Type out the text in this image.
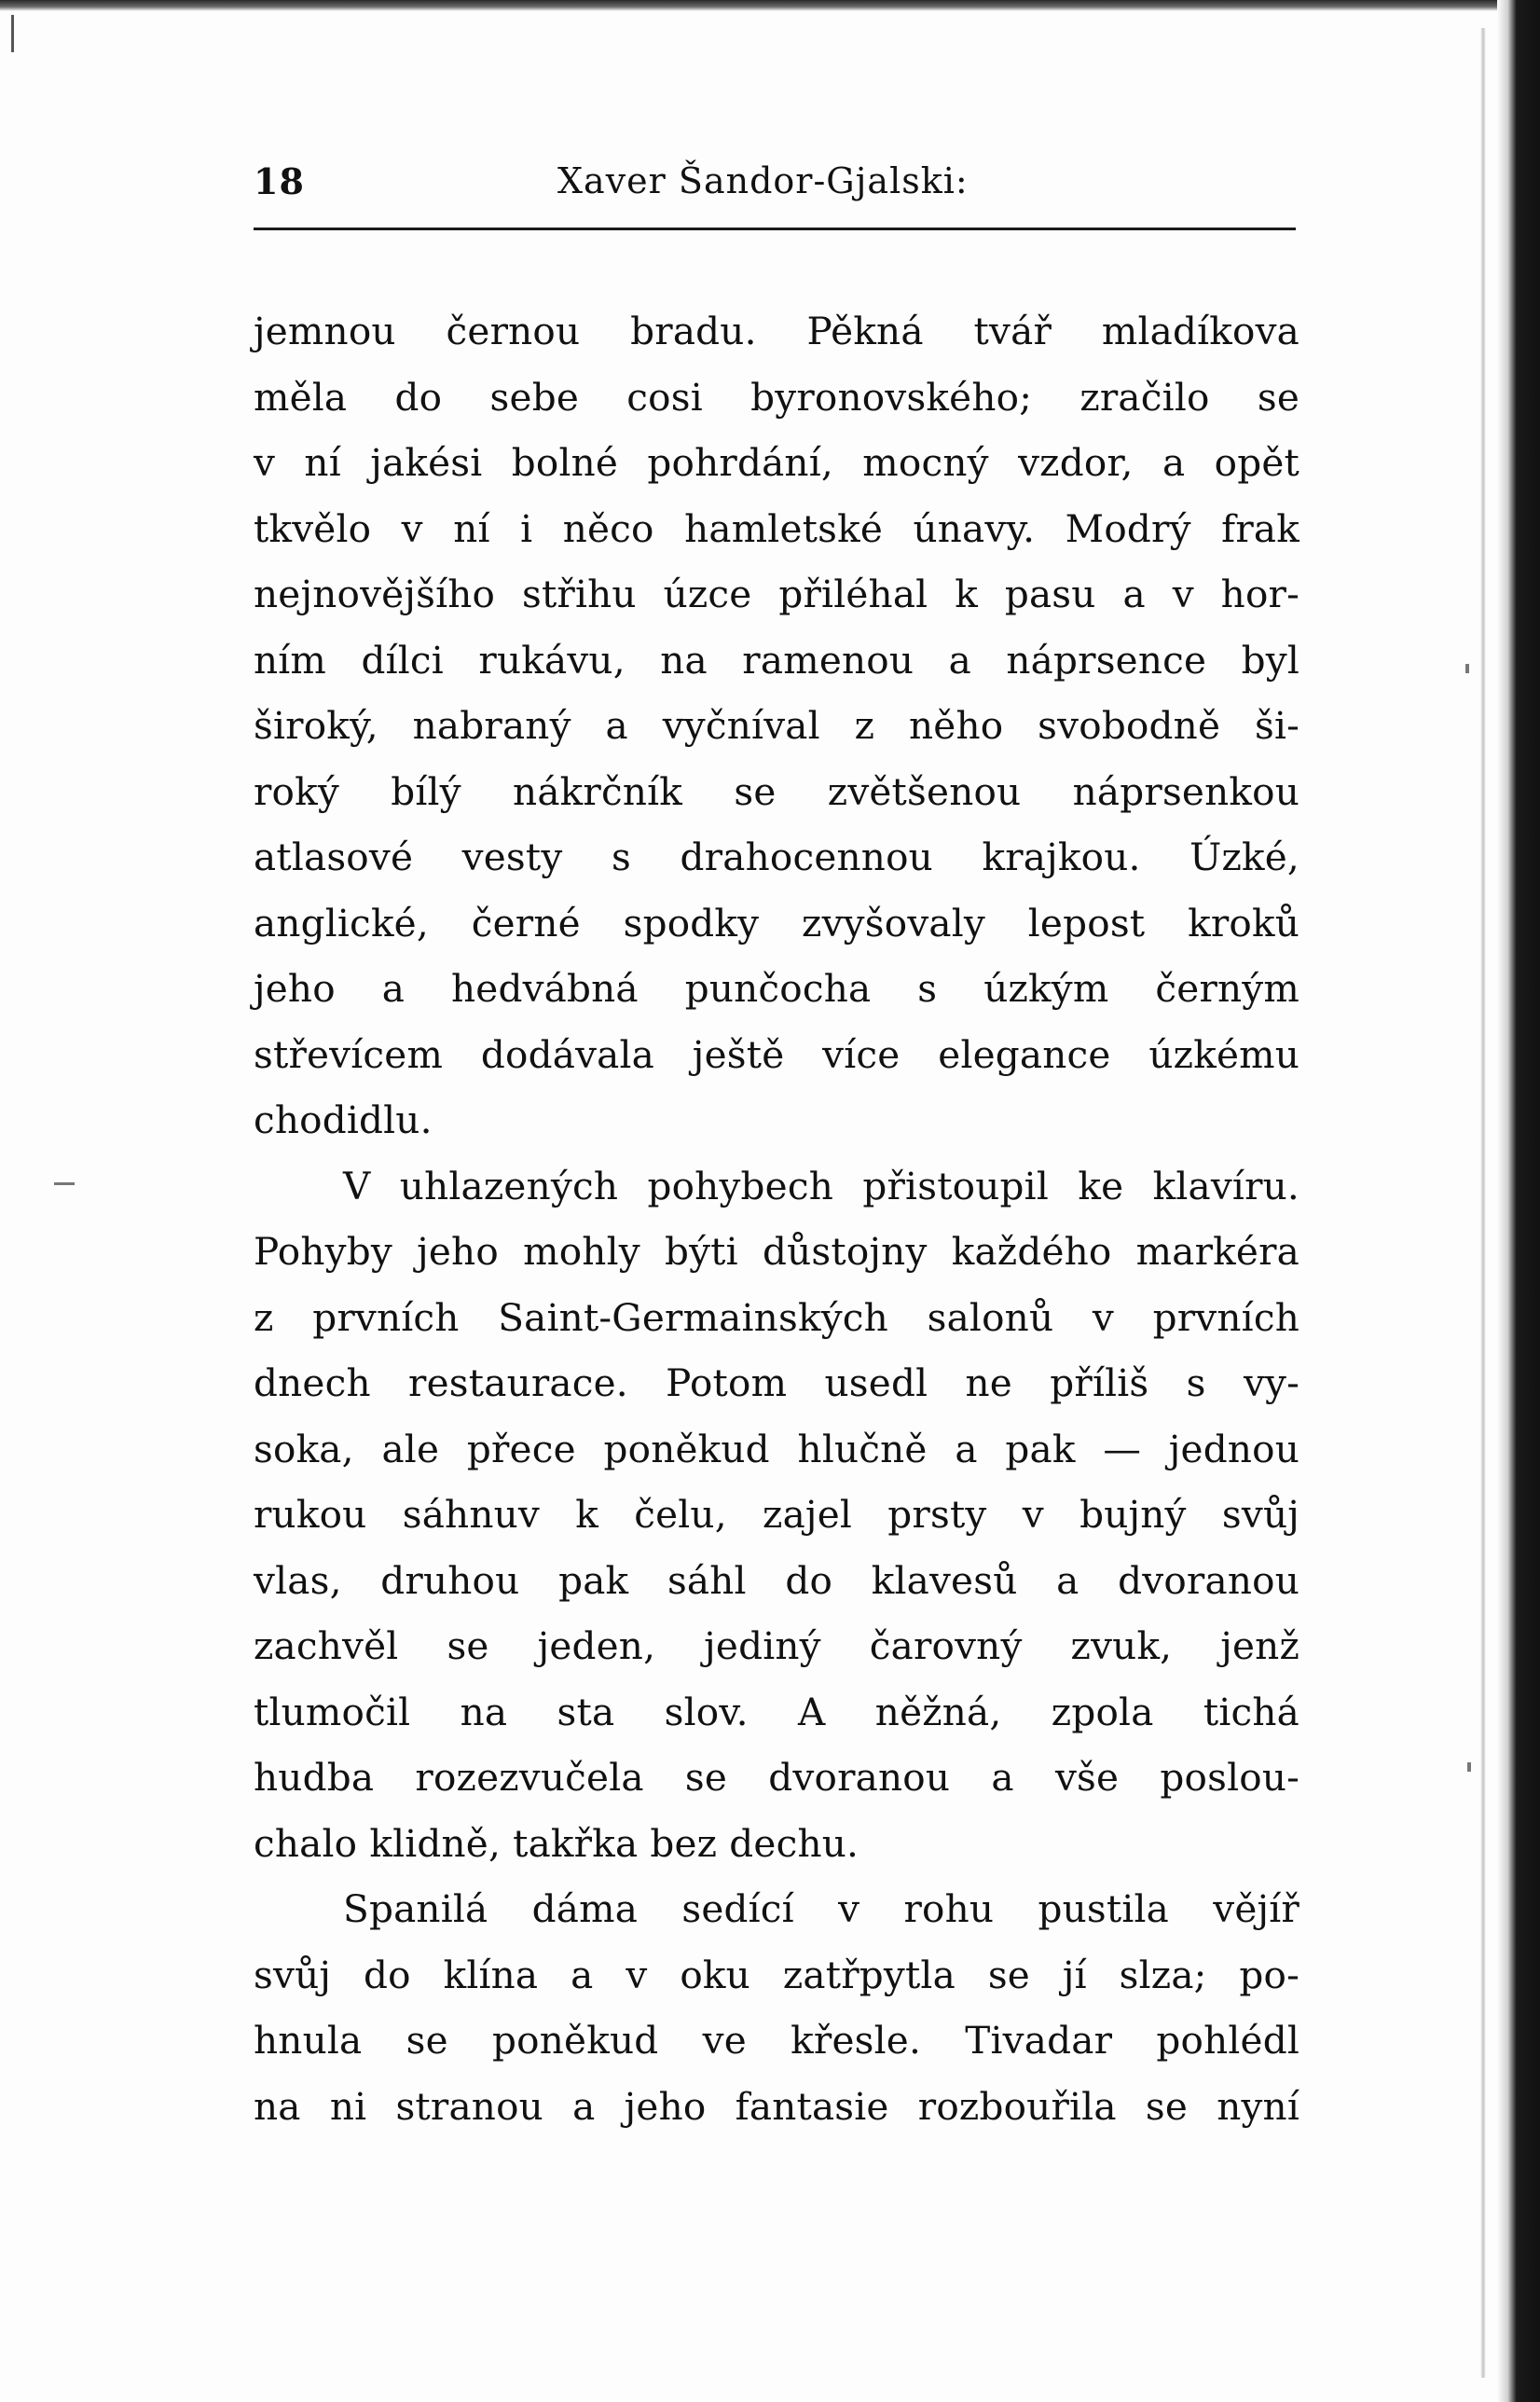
18	Xaver Šandor-Gjalski:
jemnou černou bradu. Pěkná tvář mladíkova
měla do sebe cosi byronovského; zračilo se
v ní jakési bolné pohrdání, mocný vzdor, a opět
tkvělo v ní i něco hamletské únavy. Modrý frak
nejnovějšího střihu úzce přiléhal k pasu a v hor-
ním dílci rukávu, na ramenou a náprsence byl
široký, nabraný a vyčníval z něho svobodně ši-
roký bílý nákrčník se zvětšenou náprsenkou
atlasové vesty s drahocennou krajkou. Úzké,
anglické, černé spodky zvyšovaly lepost kroků
jeho a hedvábná punčocha s úzkým černým
střevícem dodávala ještě více elegance úzkému
chodidlu.
V uhlazených pohybech přistoupil ke klavíru.
Pohyby jeho mohly býti důstojny každého markéra
z prvních Saint-Germainských salonů v prvních
dnech restaurace. Potom usedl ne příliš s vy-
soka, ale přece poněkud hlučně a pak — jednou
rukou sáhnuv k čelu, zajel prsty v bujný svůj
vlas, druhou pak sáhl do klavesů a dvoranou
zachvěl se jeden, jediný čarovný zvuk, jenž
tlumočil na sta slov. A něžná, zpola tichá
hudba rozezvučela se dvoranou a vše poslou-
chalo klidně, takřka bez dechu.
Spanilá dáma sedící v rohu pustila vějíř
svůj do klína a v oku zatřpytla se jí slza; po-
hnula se poněkud ve křesle. Tivadar pohlédl
na ni stranou a jeho fantasie rozbouřila se nyní
